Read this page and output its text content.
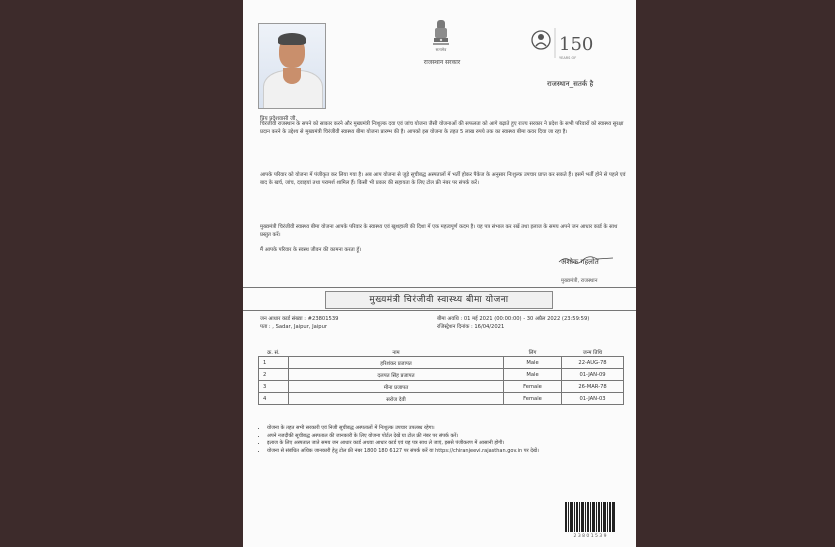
सत्यमेव
राजस्थान सरकार
150
YEARS OF
राजस्थान_सतर्क है
प्रिय प्रदेशवासी जी,
चिरंजीवी राजस्थान के सपने को साकार करने और मुख्यमंत्री निःशुल्क दवा एवं जांच योजना जैसी योजनाओं की सफलता को आगे बढ़ाते हुए राज्य सरकार ने प्रदेश के सभी परिवारों को स्वास्थ्य सुरक्षा प्रदान करने के उद्देश्य से मुख्यमंत्री चिरंजीवी स्वास्थ्य बीमा योजना प्रारम्भ की है। आपको इस योजना के तहत 5 लाख रुपये तक का स्वास्थ्य बीमा कवर दिया जा रहा है।
आपके परिवार को योजना में पंजीकृत कर लिया गया है। अब आप योजना से जुड़े सूचीबद्ध अस्पतालों में भर्ती होकर पैकेज के अनुसार निःशुल्क उपचार प्राप्त कर सकते हैं। इसमें भर्ती होने से पहले एवं बाद के खर्च, जांच, दवाइयां तथा परामर्श शामिल हैं। किसी भी प्रकार की सहायता के लिए टोल फ्री नंबर पर संपर्क करें।
मुख्यमंत्री चिरंजीवी स्वास्थ्य बीमा योजना आपके परिवार के स्वास्थ्य एवं खुशहाली की दिशा में एक महत्वपूर्ण कदम है। यह पत्र संभाल कर रखें तथा इलाज के समय अपने जन आधार कार्ड के साथ प्रस्तुत करें।
मैं आपके परिवार के स्वस्थ जीवन की कामना करता हूँ।
अशोक गहलोत
मुख्यमंत्री, राजस्थान
मुख्यमंत्री चिरंजीवी स्वास्थ्य बीमा योजना
जन आधार कार्ड संख्या : #23801539	बीमा अवधि : 01 मई 2021 (00:00:00) - 30 अप्रैल 2022 (23:59:59)
पता : , Sadar, Jaipur, Jaipur	रजिस्ट्रेशन दिनांक : 16/04/2021
क्र. सं.	नाम	लिंग	जन्म तिथि
1	हरिशंकर प्रजापत	Male	22-AUG-78
2	दलपत सिंह प्रजापत	Male	01-JAN-09
3	मीना प्रजापत	Female	26-MAR-78
4	सरोज देवी	Female	01-JAN-03
• योजना के तहत सभी सरकारी एवं निजी सूचीबद्ध अस्पतालों में निःशुल्क उपचार उपलब्ध रहेगा।
• अपने नजदीकी सूचीबद्ध अस्पताल की जानकारी के लिए योजना पोर्टल देखें या टोल फ्री नंबर पर संपर्क करें।
• इलाज के लिए अस्पताल जाते समय जन आधार कार्ड अथवा आधार कार्ड एवं यह पत्र साथ ले जाएं, इससे पंजीकरण में आसानी होगी।
• योजना से संबंधित अधिक जानकारी हेतु टोल फ्री नंबर 1800 180 6127 पर संपर्क करें या https://chiranjeevi.rajasthan.gov.in पर देखें।
2 3 8 0 1 5 3 9
